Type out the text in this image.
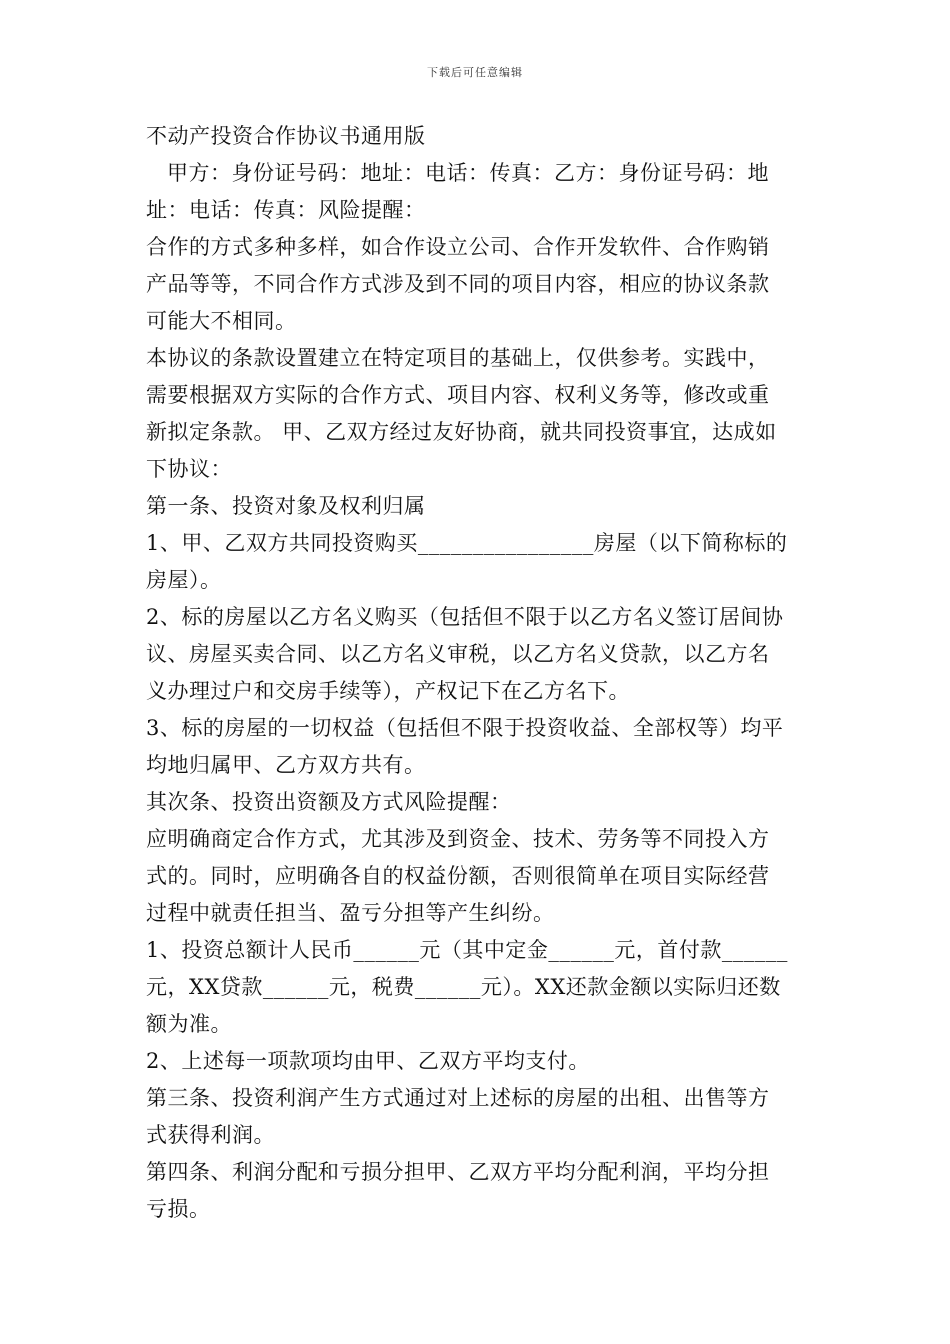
下载后可任意编辑
不动产投资合作协议书通用版
甲方：身份证号码：地址：电话：传真：乙方：身份证号码：地
址：电话：传真：风险提醒：
合作的方式多种多样，如合作设立公司、合作开发软件、合作购销
产品等等，不同合作方式涉及到不同的项目内容，相应的协议条款
可能大不相同。
本协议的条款设置建立在特定项目的基础上，仅供参考。实践中，
需要根据双方实际的合作方式、项目内容、权利义务等，修改或重
新拟定条款。 甲、乙双方经过友好协商，就共同投资事宜，达成如
下协议：
第一条、投资对象及权利归属
1、甲、乙双方共同投资购买________________房屋（以下简称标的
房屋）。
2、标的房屋以乙方名义购买（包括但不限于以乙方名义签订居间协
议、房屋买卖合同、以乙方名义审税，以乙方名义贷款，以乙方名
义办理过户和交房手续等），产权记下在乙方名下。
3、标的房屋的一切权益（包括但不限于投资收益、全部权等）均平
均地归属甲、乙方双方共有。
其次条、投资出资额及方式风险提醒：
应明确商定合作方式，尤其涉及到资金、技术、劳务等不同投入方
式的。同时，应明确各自的权益份额，否则很简单在项目实际经营
过程中就责任担当、盈亏分担等产生纠纷。
1、投资总额计人民币______元（其中定金______元，首付款______
元，XX贷款______元，税费______元）。XX还款金额以实际归还数
额为准。
2、上述每一项款项均由甲、乙双方平均支付。
第三条、投资利润产生方式通过对上述标的房屋的出租、出售等方
式获得利润。
第四条、利润分配和亏损分担甲、乙双方平均分配利润，平均分担
亏损。
